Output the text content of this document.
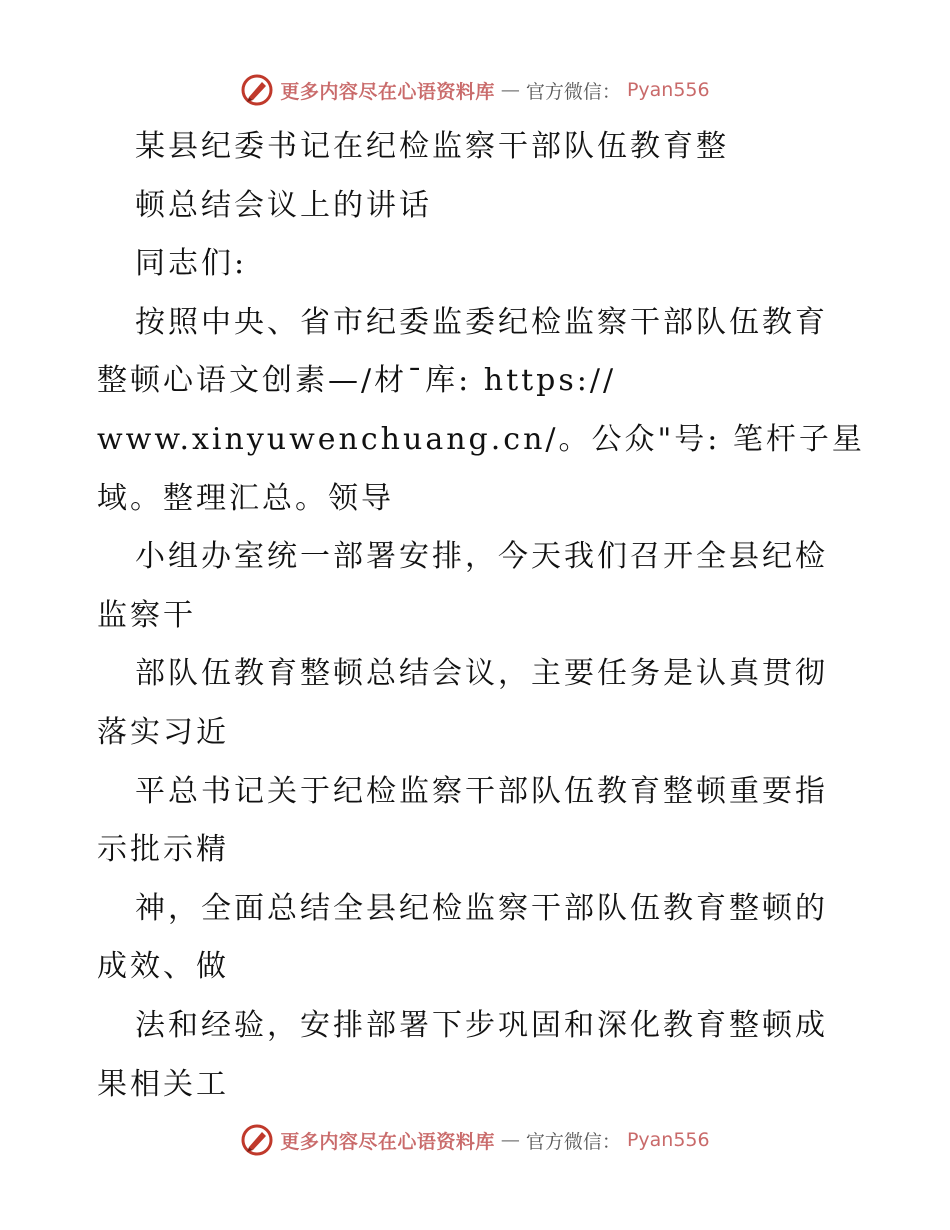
更多内容尽在心语资料库 — 官方微信： Pyan556
某县纪委书记在纪检监察干部队伍教育整
顿总结会议上的讲话
同志们:
按照中央、省市纪委监委纪检监察干部队伍教育
整顿心语文创素—/材¯库: https://
www.xinyuwenchuang.cn/。公众"号: 笔杆子星
域。整理汇总。领导
小组办室统一部署安排，今天我们召开全县纪检
监察干
部队伍教育整顿总结会议，主要任务是认真贯彻
落实习近
平总书记关于纪检监察干部队伍教育整顿重要指
示批示精
神，全面总结全县纪检监察干部队伍教育整顿的
成效、做
法和经验，安排部署下步巩固和深化教育整顿成
果相关工
更多内容尽在心语资料库 — 官方微信： Pyan556
